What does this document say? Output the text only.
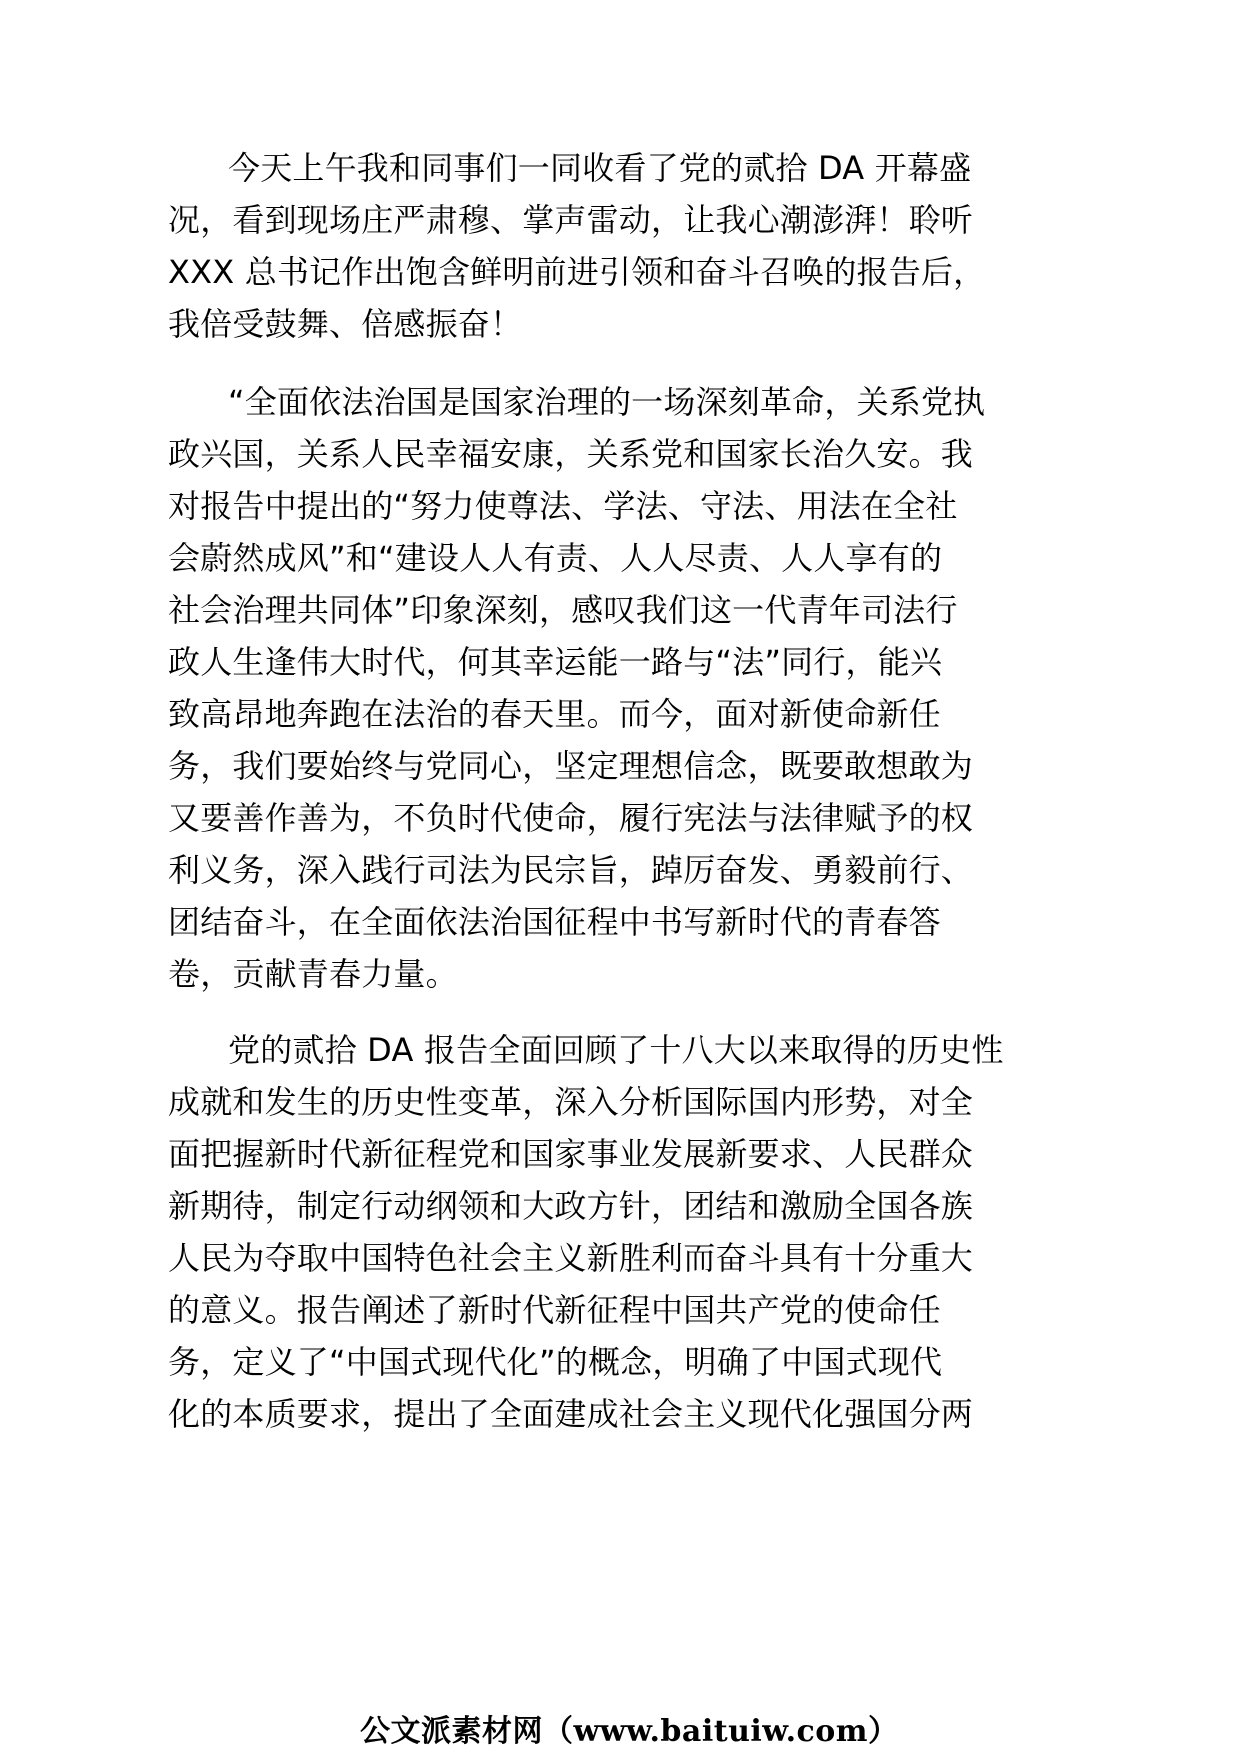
今天上午我和同事们一同收看了党的贰拾 DA 开幕盛
况，看到现场庄严肃穆、掌声雷动，让我心潮澎湃！聆听
XXX 总书记作出饱含鲜明前进引领和奋斗召唤的报告后，
我倍受鼓舞、倍感振奋！
“全面依法治国是国家治理的一场深刻革命，关系党执
政兴国，关系人民幸福安康，关系党和国家长治久安。我
对报告中提出的“努力使尊法、学法、守法、用法在全社
会蔚然成风”和“建设人人有责、人人尽责、人人享有的
社会治理共同体”印象深刻，感叹我们这一代青年司法行
政人生逢伟大时代，何其幸运能一路与“法”同行，能兴
致高昂地奔跑在法治的春天里。而今，面对新使命新任
务，我们要始终与党同心，坚定理想信念，既要敢想敢为
又要善作善为，不负时代使命，履行宪法与法律赋予的权
利义务，深入践行司法为民宗旨，踔厉奋发、勇毅前行、
团结奋斗，在全面依法治国征程中书写新时代的青春答
卷，贡献青春力量。
党的贰拾 DA 报告全面回顾了十八大以来取得的历史性
成就和发生的历史性变革，深入分析国际国内形势，对全
面把握新时代新征程党和国家事业发展新要求、人民群众
新期待，制定行动纲领和大政方针，团结和激励全国各族
人民为夺取中国特色社会主义新胜利而奋斗具有十分重大
的意义。报告阐述了新时代新征程中国共产党的使命任
务，定义了“中国式现代化”的概念，明确了中国式现代
化的本质要求，提出了全面建成社会主义现代化强国分两
公文派素材网（www.baituiw.com）
